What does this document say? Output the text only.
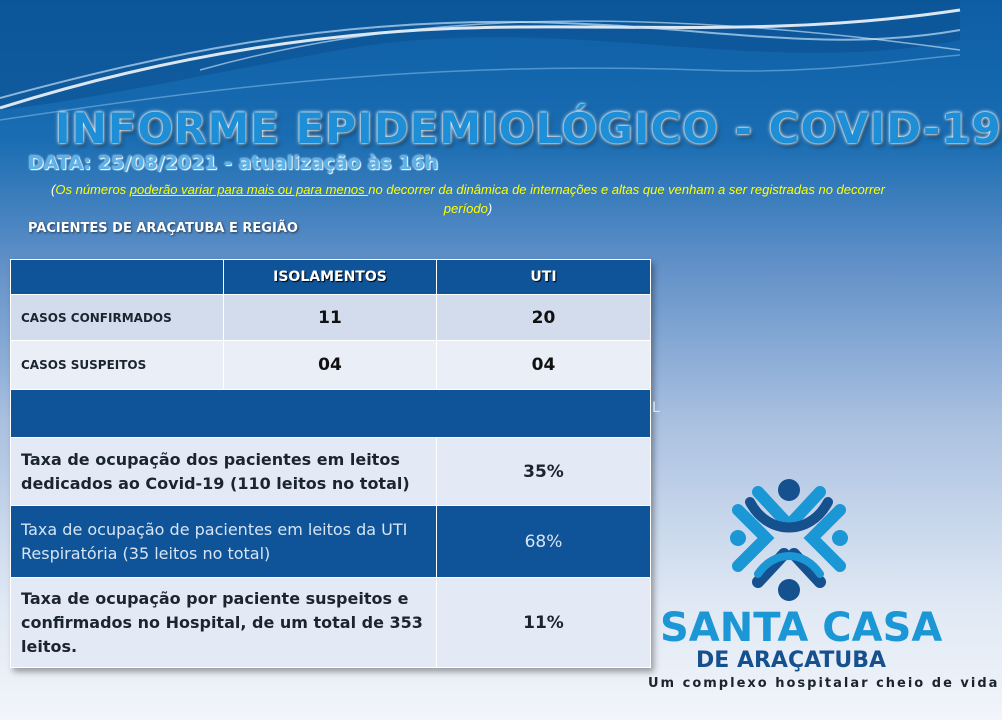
INFORME EPIDEMIOLÓGICO - COVID-19
DATA: 25/08/2021 - atualização às 16h
(Os números poderão variar para mais ou para menos no decorrer da dinâmica de internações e altas que venham a ser registradas no decorrer período)
PACIENTES DE ARAÇATUBA E REGIÃO
	ISOLAMENTOS	UTI
CASOS CONFIRMADOS	11	20
CASOS SUSPEITOS	04	04

Taxa de ocupação dos pacientes em leitos dedicados ao Covid-19 (110 leitos no total)		35%
Taxa de ocupação de pacientes em leitos da UTI Respiratória (35 leitos no total)		68%
Taxa de ocupação por paciente suspeitos e confirmados no Hospital, de um total de 353 leitos.		11%
L
SANTA CASA
DE ARAÇATUBA
Um complexo hospitalar cheio de vida
